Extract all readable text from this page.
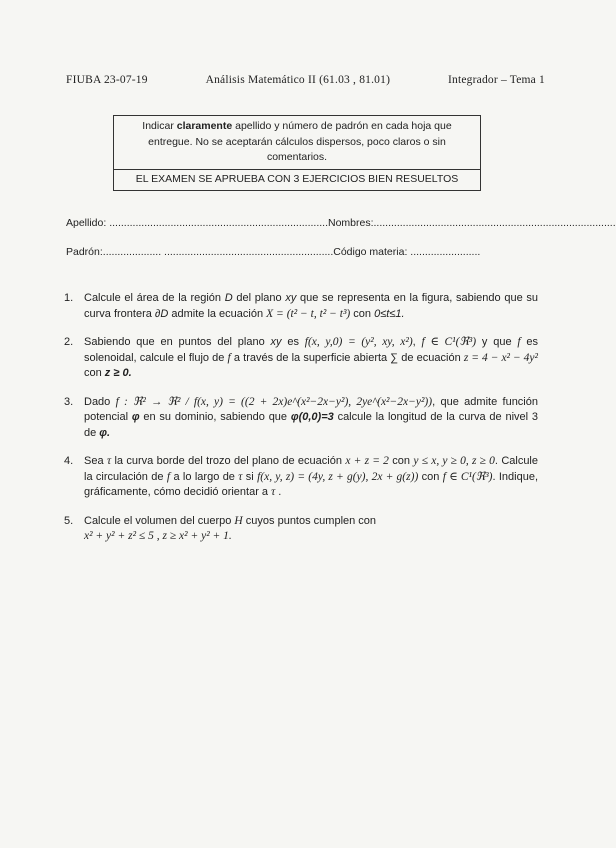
FIUBA 23-07-19	Análisis Matemático II (61.03 , 81.01)	Integrador – Tema 1
Indicar claramente apellido y número de padrón en cada hoja que entregue. No se aceptarán cálculos dispersos, poco claros o sin comentarios.
EL EXAMEN SE APRUEBA CON 3 EJERCICIOS BIEN RESUELTOS
Apellido: ...........................................................................Nombres:...................................................................................
Padrón:.................... ..........................................................Código materia: ........................
1. Calcule el área de la región D del plano xy que se representa en la figura, sabiendo que su curva frontera ∂D admite la ecuación X = (t² − t, t² − t³) con 0≤t≤1.
2. Sabiendo que en puntos del plano xy es f(x, y,0) = (y², xy, x²), f ∈ C¹(ℜ³) y que f es solenoidal, calcule el flujo de f a través de la superficie abierta ∑ de ecuación z = 4 − x² − 4y² con z ≥ 0.
3. Dado f : ℜ² → ℜ² / f(x, y) = ((2 + 2x)e^(x²−2x−y²), 2ye^(x²−2x−y²)), que admite función potencial φ en su dominio, sabiendo que φ(0,0)=3 calcule la longitud de la curva de nivel 3 de φ.
4. Sea τ la curva borde del trozo del plano de ecuación x + z = 2 con y ≤ x, y ≥ 0, z ≥ 0. Calcule la circulación de f a lo largo de τ si f(x, y, z) = (4y, z + g(y), 2x + g(z)) con f ∈ C¹(ℜ³). Indique, gráficamente, cómo decidió orientar a τ .
5. Calcule el volumen del cuerpo H cuyos puntos cumplen con
x² + y² + z² ≤ 5 , z ≥ x² + y² + 1.
